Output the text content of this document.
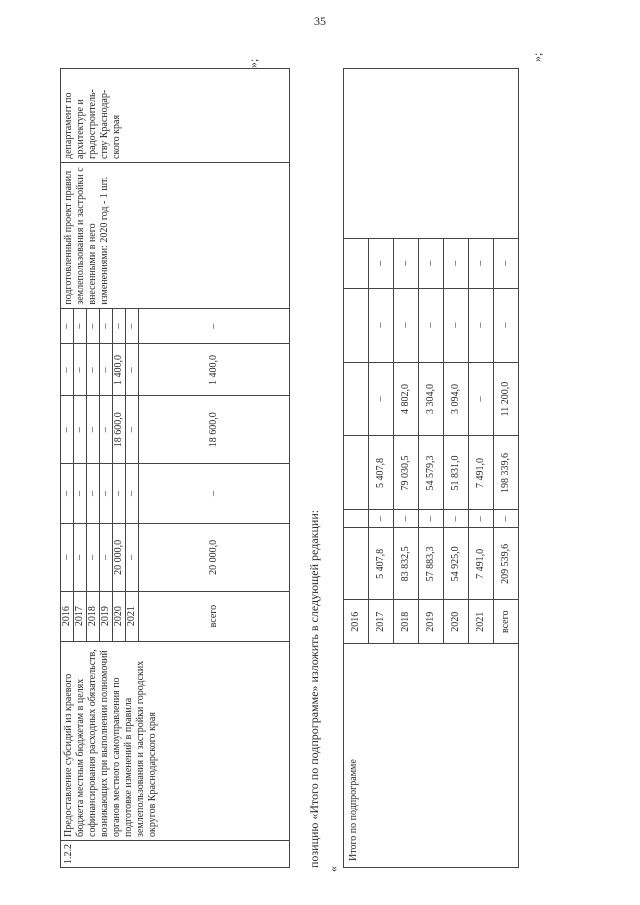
35
1.2.2	Предоставление субсидий из краевого бюджета местным бюджетам в целях софинансирования расходных обязательств, возникающих при выполнении полномочий органов местного самоуправления по подготовке изменений в правила землепользования и застройки городских округов Краснодарского края	2016	–	–	–	–	–	подготовленный проект правил землепользования и застройки с внесенными в него изменениями: 2020 год - 1 шт.	департамент по архитектуре и градостроитель-ству Краснодар-ского края
		2017	–	–	–	–	–		
		2018	–	–	–	–	–		
		2019	–	–	–	–	–		
		2020	20 000,0	–	18 600,0	1 400,0	–		
		2021	–	–	–	–	–		
		всего	20 000,0	–	18 600,0	1 400,0	–		
»;
позицию «Итого по подпрограмме» изложить в следующей редакции:
«
Итого по подпрограмме	2016							
	2017	5 407,8	–	5 407,8	–	–	–	
	2018	83 832,5	–	79 030,5	4 802,0	–	–	
	2019	57 883,3	–	54 579,3	3 304,0	–	–	
	2020	54 925,0	–	51 831,0	3 094,0	–	–	
	2021	7 491,0	–	7 491,0	–	–	–	
	всего	209 539,6	–	198 339,6	11 200,0	–	–	
»;
